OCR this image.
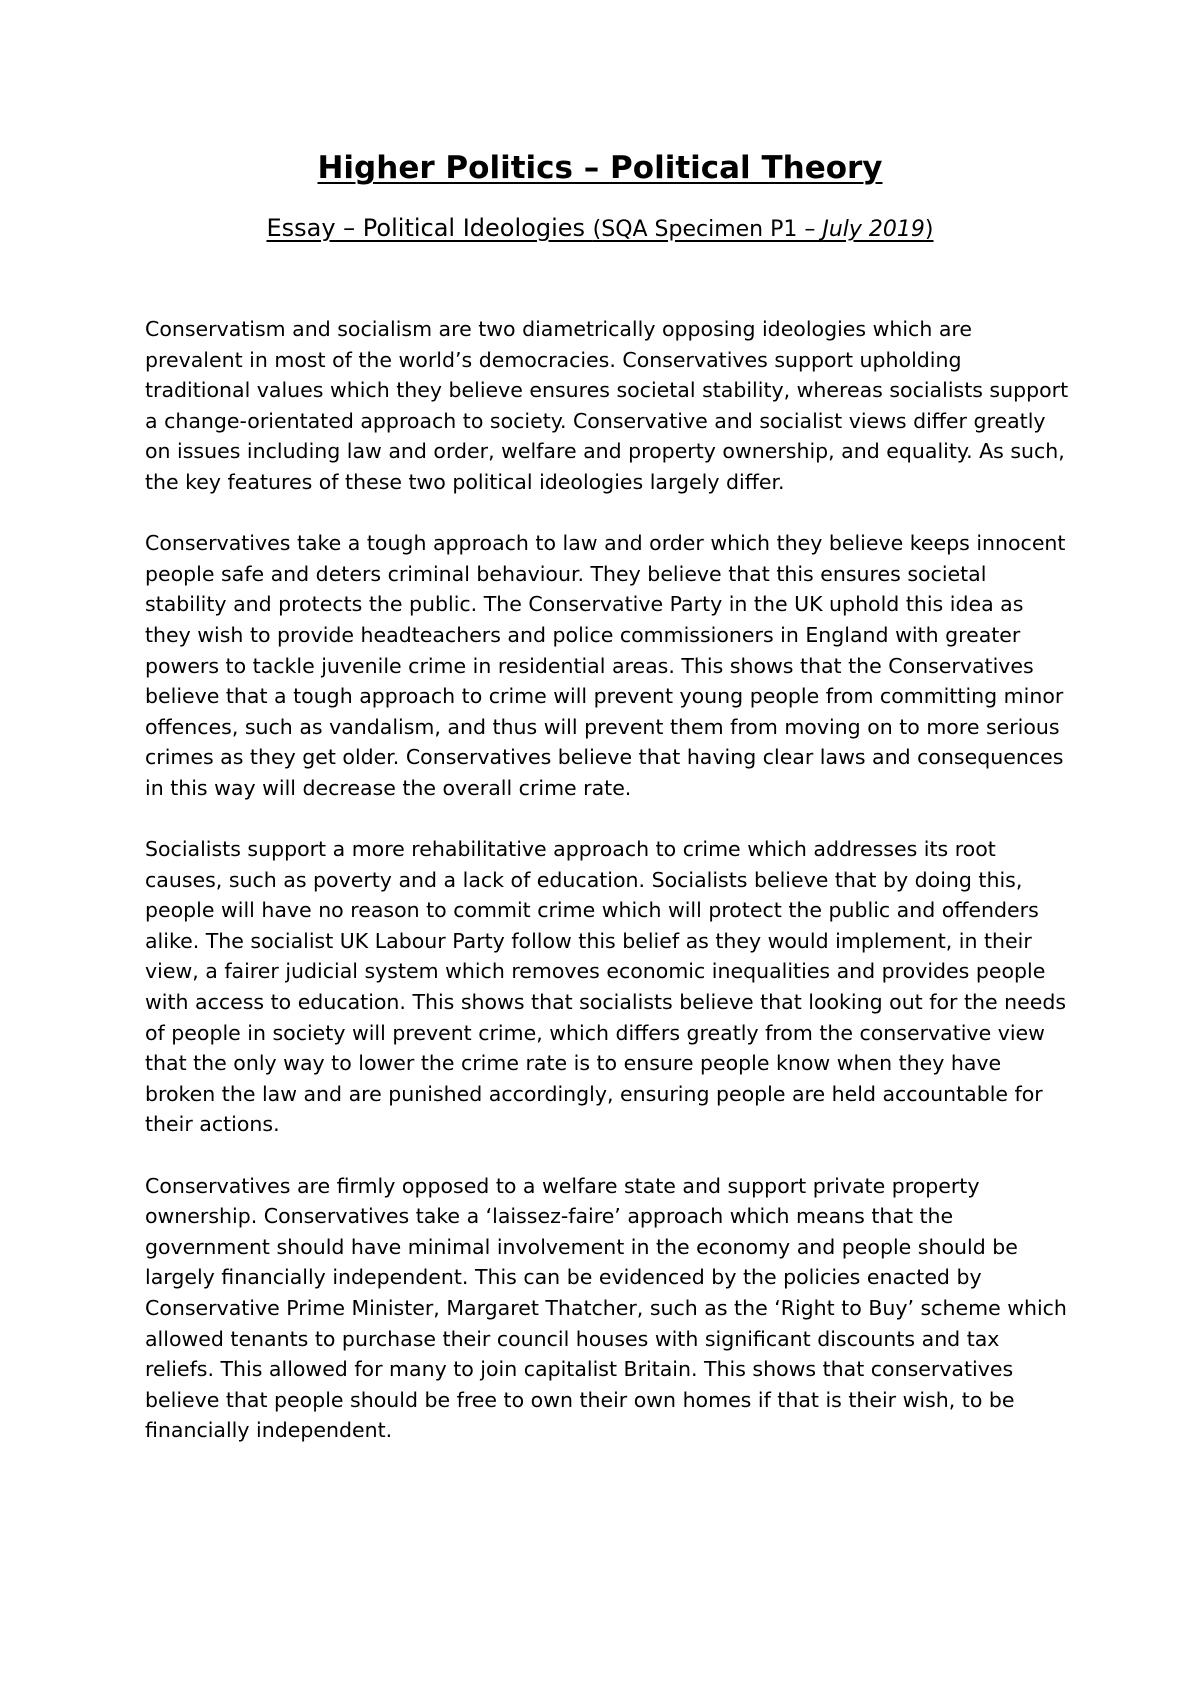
Higher Politics – Political Theory
Essay – Political Ideologies (SQA Specimen P1 – July 2019)

Conservatism and socialism are two diametrically opposing ideologies which are prevalent in most of the world’s democracies. Conservatives support upholding traditional values which they believe ensures societal stability, whereas socialists support a change-orientated approach to society. Conservative and socialist views differ greatly on issues including law and order, welfare and property ownership, and equality. As such, the key features of these two political ideologies largely differ.

Conservatives take a tough approach to law and order which they believe keeps innocent people safe and deters criminal behaviour. They believe that this ensures societal stability and protects the public. The Conservative Party in the UK uphold this idea as they wish to provide headteachers and police commissioners in England with greater powers to tackle juvenile crime in residential areas. This shows that the Conservatives believe that a tough approach to crime will prevent young people from committing minor offences, such as vandalism, and thus will prevent them from moving on to more serious crimes as they get older. Conservatives believe that having clear laws and consequences in this way will decrease the overall crime rate.

Socialists support a more rehabilitative approach to crime which addresses its root causes, such as poverty and a lack of education. Socialists believe that by doing this, people will have no reason to commit crime which will protect the public and offenders alike. The socialist UK Labour Party follow this belief as they would implement, in their view, a fairer judicial system which removes economic inequalities and provides people with access to education. This shows that socialists believe that looking out for the needs of people in society will prevent crime, which differs greatly from the conservative view that the only way to lower the crime rate is to ensure people know when they have broken the law and are punished accordingly, ensuring people are held accountable for their actions.

Conservatives are firmly opposed to a welfare state and support private property ownership. Conservatives take a ‘laissez-faire’ approach which means that the government should have minimal involvement in the economy and people should be largely financially independent. This can be evidenced by the policies enacted by Conservative Prime Minister, Margaret Thatcher, such as the ‘Right to Buy’ scheme which allowed tenants to purchase their council houses with significant discounts and tax reliefs. This allowed for many to join capitalist Britain. This shows that conservatives believe that people should be free to own their own homes if that is their wish, to be financially independent.
